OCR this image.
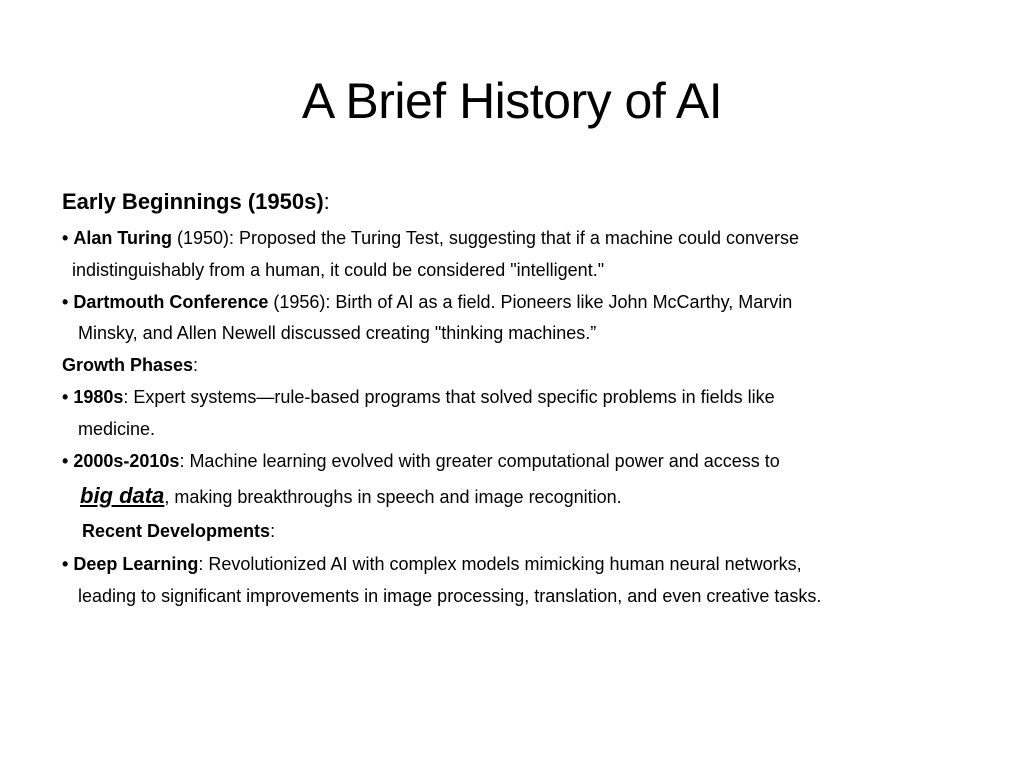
A Brief History of AI
Early Beginnings (1950s):
• Alan Turing (1950): Proposed the Turing Test, suggesting that if a machine could converse
indistinguishably from a human, it could be considered "intelligent."
• Dartmouth Conference (1956): Birth of AI as a field. Pioneers like John McCarthy, Marvin
Minsky, and Allen Newell discussed creating "thinking machines.”
Growth Phases:
• 1980s: Expert systems—rule-based programs that solved specific problems in fields like
medicine.
• 2000s-2010s: Machine learning evolved with greater computational power and access to
big data, making breakthroughs in speech and image recognition.
Recent Developments:
• Deep Learning: Revolutionized AI with complex models mimicking human neural networks,
leading to significant improvements in image processing, translation, and even creative tasks.
